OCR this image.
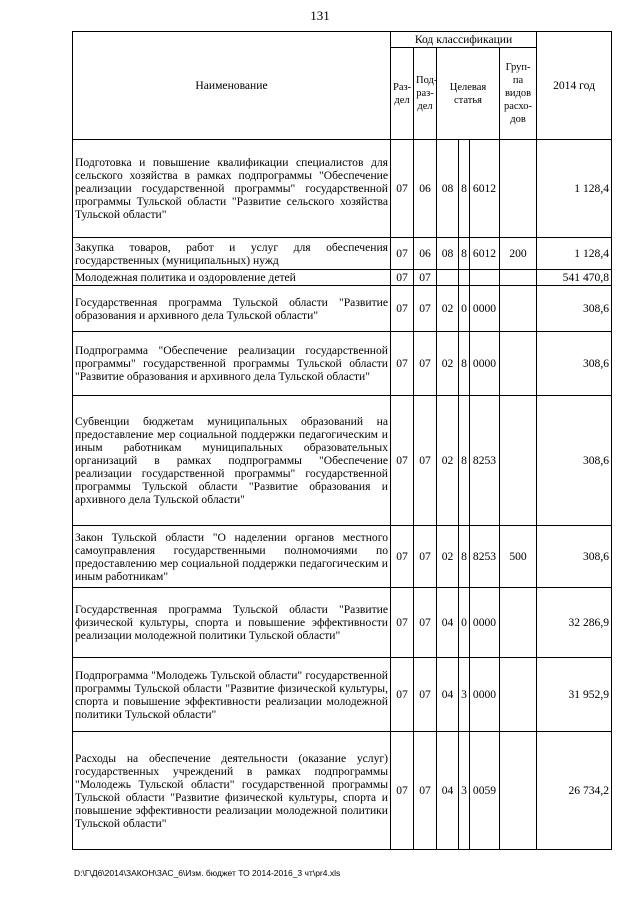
131
Наименование	Код классификации						2014 год
	Раз-дел	Под-раз-дел	Целевая статья			Груп-па видов расхо-дов	
Подготовка и повышение квалификации специалистов для сельского хозяйства в рамках подпрограммы "Обеспечение реализации государственной программы" государственной программы Тульской области "Развитие сельского хозяйства Тульской области"	07	06	08	8	6012		1 128,4
Закупка товаров, работ и услуг для обеспечения государственных (муниципальных) нужд	07	06	08	8	6012	200	1 128,4
Молодежная политика и оздоровление детей	07	07					541 470,8
Государственная программа Тульской области "Развитие образования и архивного дела Тульской области"	07	07	02	0	0000		308,6
Подпрограмма "Обеспечение реализации государственной программы" государственной программы Тульской области "Развитие образования и архивного дела Тульской области"	07	07	02	8	0000		308,6
Субвенции бюджетам муниципальных образований на предоставление мер социальной поддержки педагогическим и иным работникам муниципальных образовательных организаций в рамках подпрограммы "Обеспечение реализации государственной программы" государственной программы Тульской области "Развитие образования и архивного дела Тульской области"	07	07	02	8	8253		308,6
Закон Тульской области "О наделении органов местного самоуправления государственными полномочиями по предоставлению мер социальной поддержки педагогическим и иным работникам"	07	07	02	8	8253	500	308,6
Государственная программа Тульской области "Развитие физической культуры, спорта и повышение эффективности реализации молодежной политики Тульской области"	07	07	04	0	0000		32 286,9
Подпрограмма "Молодежь Тульской области" государственной программы Тульской области "Развитие физической культуры, спорта и повышение эффективности реализации молодежной политики Тульской области"	07	07	04	3	0000		31 952,9
Расходы на обеспечение деятельности (оказание услуг) государственных учреждений в рамках подпрограммы "Молодежь Тульской области" государственной программы Тульской области "Развитие физической культуры, спорта и повышение эффективности реализации молодежной политики Тульской области"	07	07	04	3	0059		26 734,2
D:\Г\Д6\2014\ЗАКОН\ЗАС_6\Изм. бюджет ТО 2014-2016_3 чт\pr4.xls
